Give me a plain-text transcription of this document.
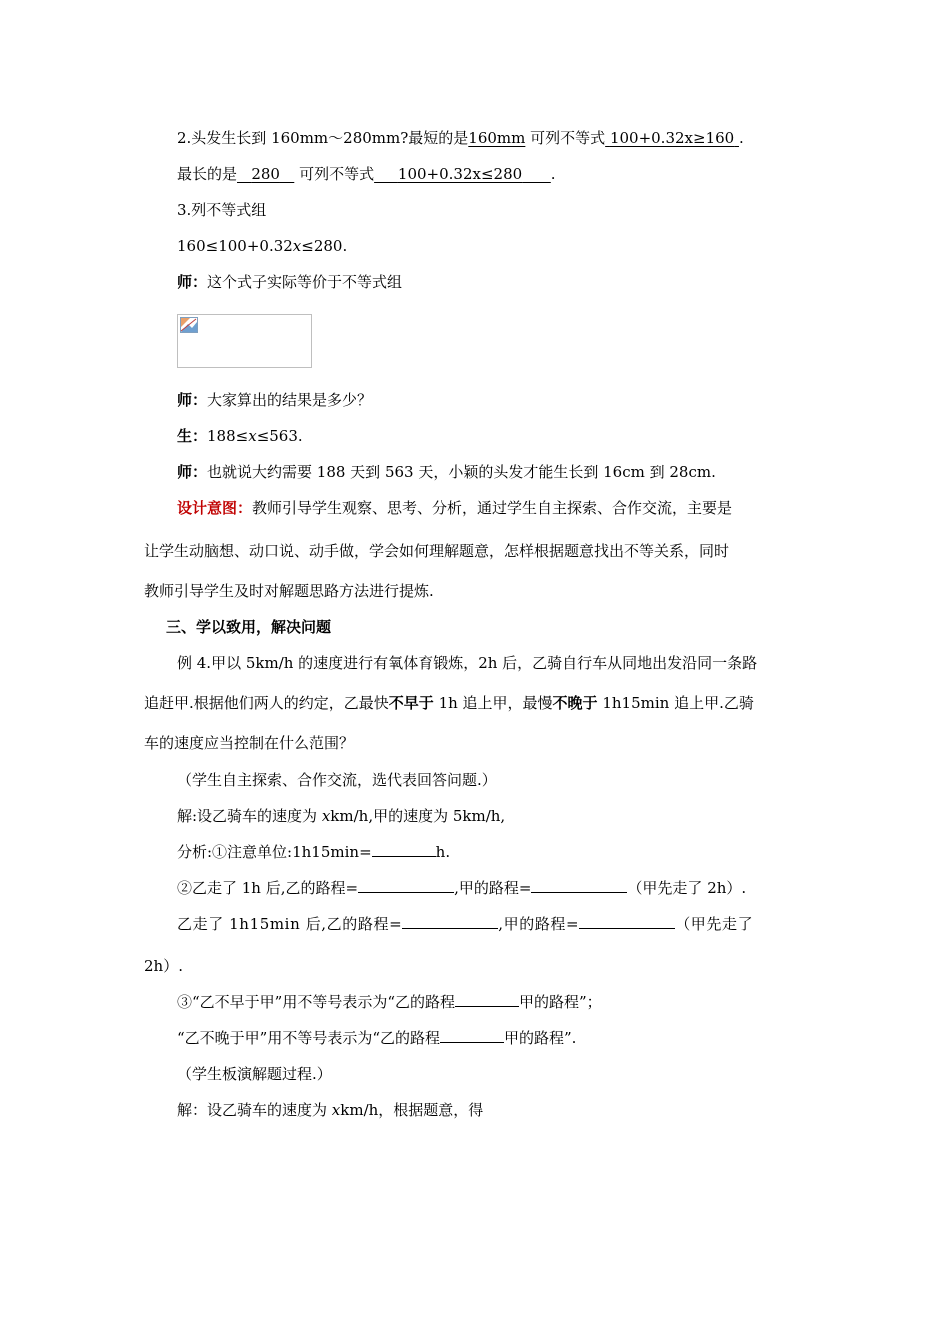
2.头发生长到 160mm～280mm?最短的是160mm 可列不等式 100+0.32x≥160 .
最长的是 280 可列不等式 100+0.32x≤280 .
3.列不等式组
160≤100+0.32x≤280.
师：这个式子实际等价于不等式组
师：大家算出的结果是多少？
生：188≤x≤563.
师：也就说大约需要 188 天到 563 天，小颖的头发才能生长到 16cm 到 28cm.
设计意图：教师引导学生观察、思考、分析，通过学生自主探索、合作交流，主要是
让学生动脑想、动口说、动手做，学会如何理解题意，怎样根据题意找出不等关系，同时
教师引导学生及时对解题思路方法进行提炼.
三、学以致用，解决问题
例 4.甲以 5km/h 的速度进行有氧体育锻炼，2h 后，乙骑自行车从同地出发沿同一条路
追赶甲.根据他们两人的约定，乙最快不早于 1h 追上甲，最慢不晚于 1h15min 追上甲.乙骑
车的速度应当控制在什么范围？
（学生自主探索、合作交流，选代表回答问题.）
解:设乙骑车的速度为 xkm/h,甲的速度为 5km/h,
分析:①注意单位:1h15min=	h.
②乙走了 1h 后,乙的路程=	,甲的路程=	（甲先走了 2h）.
乙走了 1h15min 后,乙的路程=	,甲的路程=	（甲先走了
2h）.
③“乙不早于甲”用不等号表示为“乙的路程	甲的路程”；
“乙不晚于甲”用不等号表示为“乙的路程	甲的路程”.
（学生板演解题过程.）
解：设乙骑车的速度为 xkm/h，根据题意，得
